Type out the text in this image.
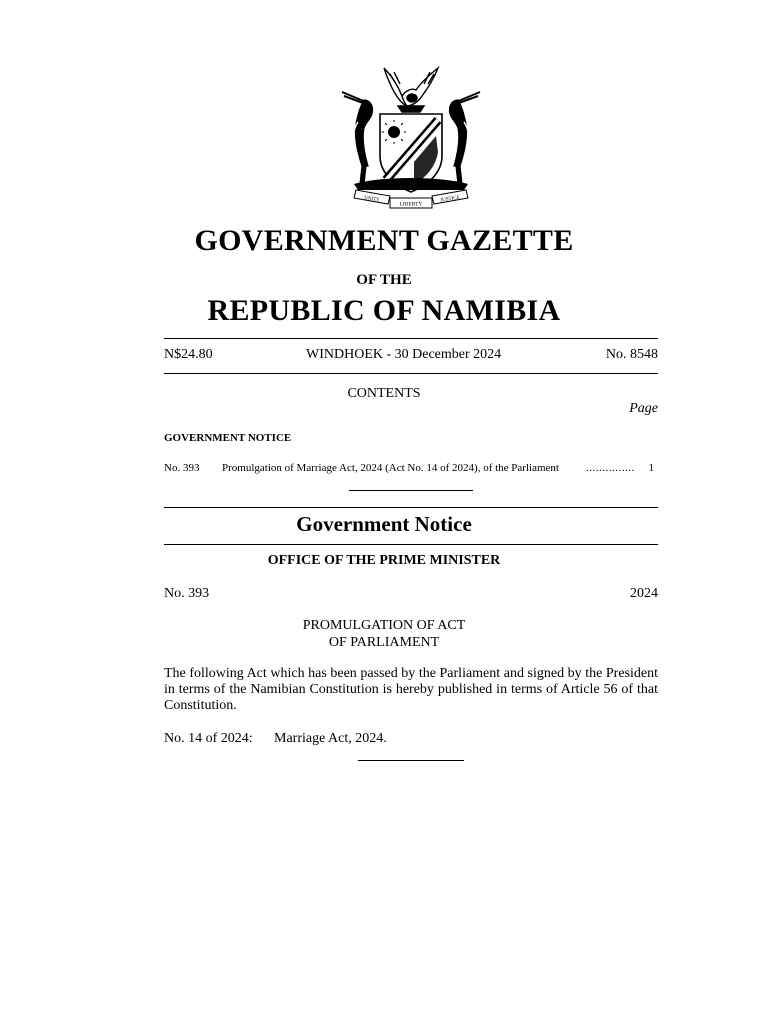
UNITY
LIBERTY
JUSTICE
GOVERNMENT GAZETTE
OF THE
REPUBLIC OF NAMIBIA
N$24.80	WINDHOEK - 30 December 2024	No. 8548
CONTENTS
Page
GOVERNMENT NOTICE
No. 393 Promulgation of Marriage Act, 2024 (Act No. 14 of 2024), of the Parliament ............... 1
Government Notice
OFFICE OF THE PRIME MINISTER
No. 393	2024
PROMULGATION OF ACT
OF PARLIAMENT
The following Act which has been passed by the Parliament and signed by the President in terms of the Namibian Constitution is hereby published in terms of Article 56 of that Constitution.
No. 14 of 2024: Marriage Act, 2024.
